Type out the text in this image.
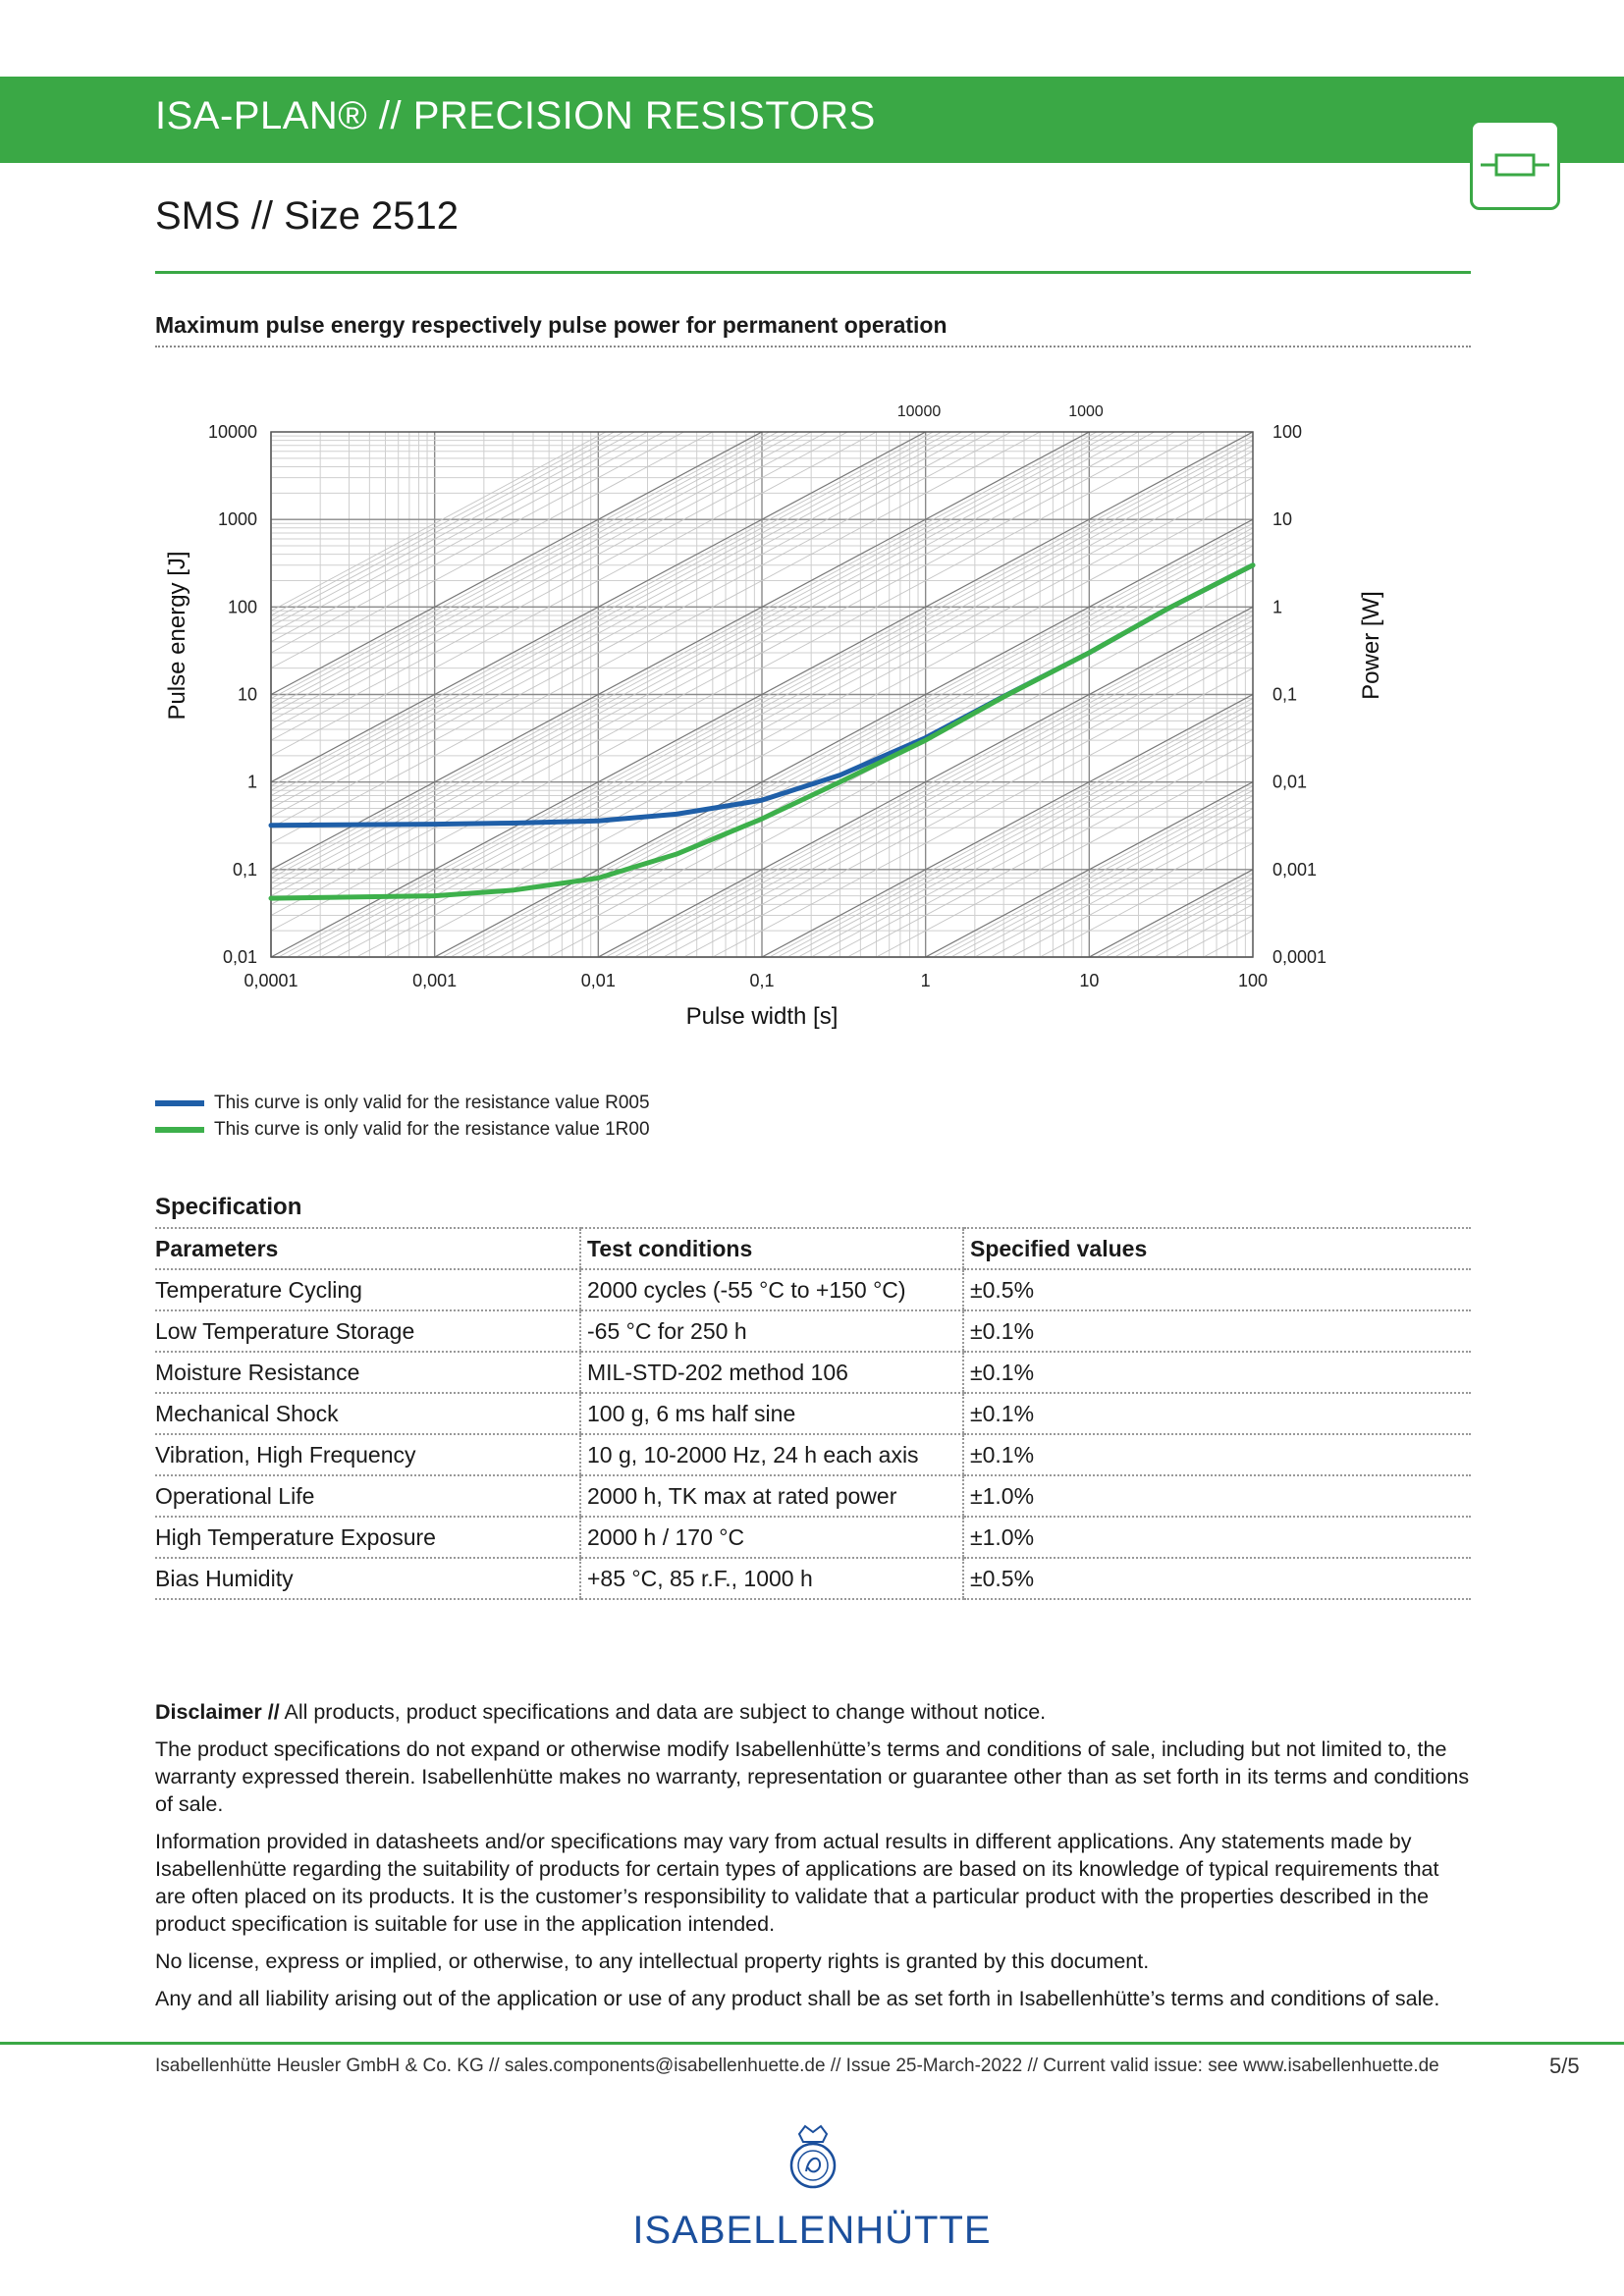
ISA-PLAN® // PRECISION RESISTORS
SMS // Size 2512
Maximum pulse energy respectively pulse power for permanent operation
0,0001	0,001	0,01	0,1	1	10	100
0,01
0,1
1
10
100
1000
10000
0,0001
0,001
0,01
0,1
1
10
100
10000	1000
Pulse width [s]
Pulse energy [J]	Power [W]
This curve is only valid for the resistance value R005
This curve is only valid for the resistance value 1R00
Specification
Parameters	Test conditions	Specified values
Temperature Cycling	2000 cycles (-55 °C to +150 °C)	±0.5%
Low Temperature Storage	-65 °C for 250 h	±0.1%
Moisture Resistance	MIL-STD-202 method 106	±0.1%
Mechanical Shock	100 g, 6 ms half sine	±0.1%
Vibration, High Frequency	10 g, 10-2000 Hz, 24 h each axis	±0.1%
Operational Life	2000 h, TK max at rated power	±1.0%
High Temperature Exposure	2000 h / 170 °C	±1.0%
Bias Humidity	+85 °C, 85 r.F., 1000 h	±0.5%

Disclaimer // All products, product specifications and data are subject to change without notice.

The product specifications do not expand or otherwise modify Isabellenhütte’s terms and conditions of sale, including but not limited to, the warranty expressed therein. Isabellenhütte makes no warranty, representation or guarantee other than as set forth in its terms and conditions of sale.

Information provided in datasheets and/or specifications may vary from actual results in different applications. Any statements made by Isabellenhütte regarding the suitability of products for certain types of applications are based on its knowledge of typical requirements that are often placed on its products. It is the customer’s responsibility to validate that a particular product with the properties described in the product specification is suitable for use in the application intended.

No license, express or implied, or otherwise, to any intellectual property rights is granted by this document.

Any and all liability arising out of the application or use of any product shall be as set forth in Isabellenhütte’s terms and conditions of sale.

Isabellenhütte Heusler GmbH & Co. KG // sales.components@isabellenhuette.de // Issue 25-March-2022 // Current valid issue: see www.isabellenhuette.de	5/5
ISABELLENHÜTTE
